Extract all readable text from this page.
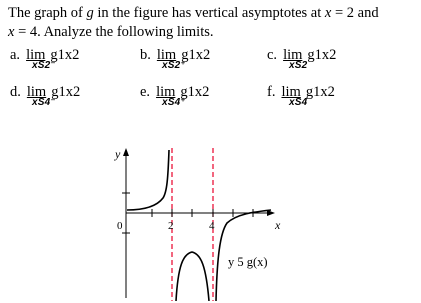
The graph of g in the figure has vertical asymptotes at x = 2 and
x = 4. Analyze the following limits.
a. lim g1x2
xS2⁻
b. lim g1x2
xS2⁺
c. lim g1x2
xS2
d. lim g1x2
xS4⁻
e. lim g1x2
xS4⁺
f. lim g1x2
xS4
y
x
0	2	4
y 5 g(x)
